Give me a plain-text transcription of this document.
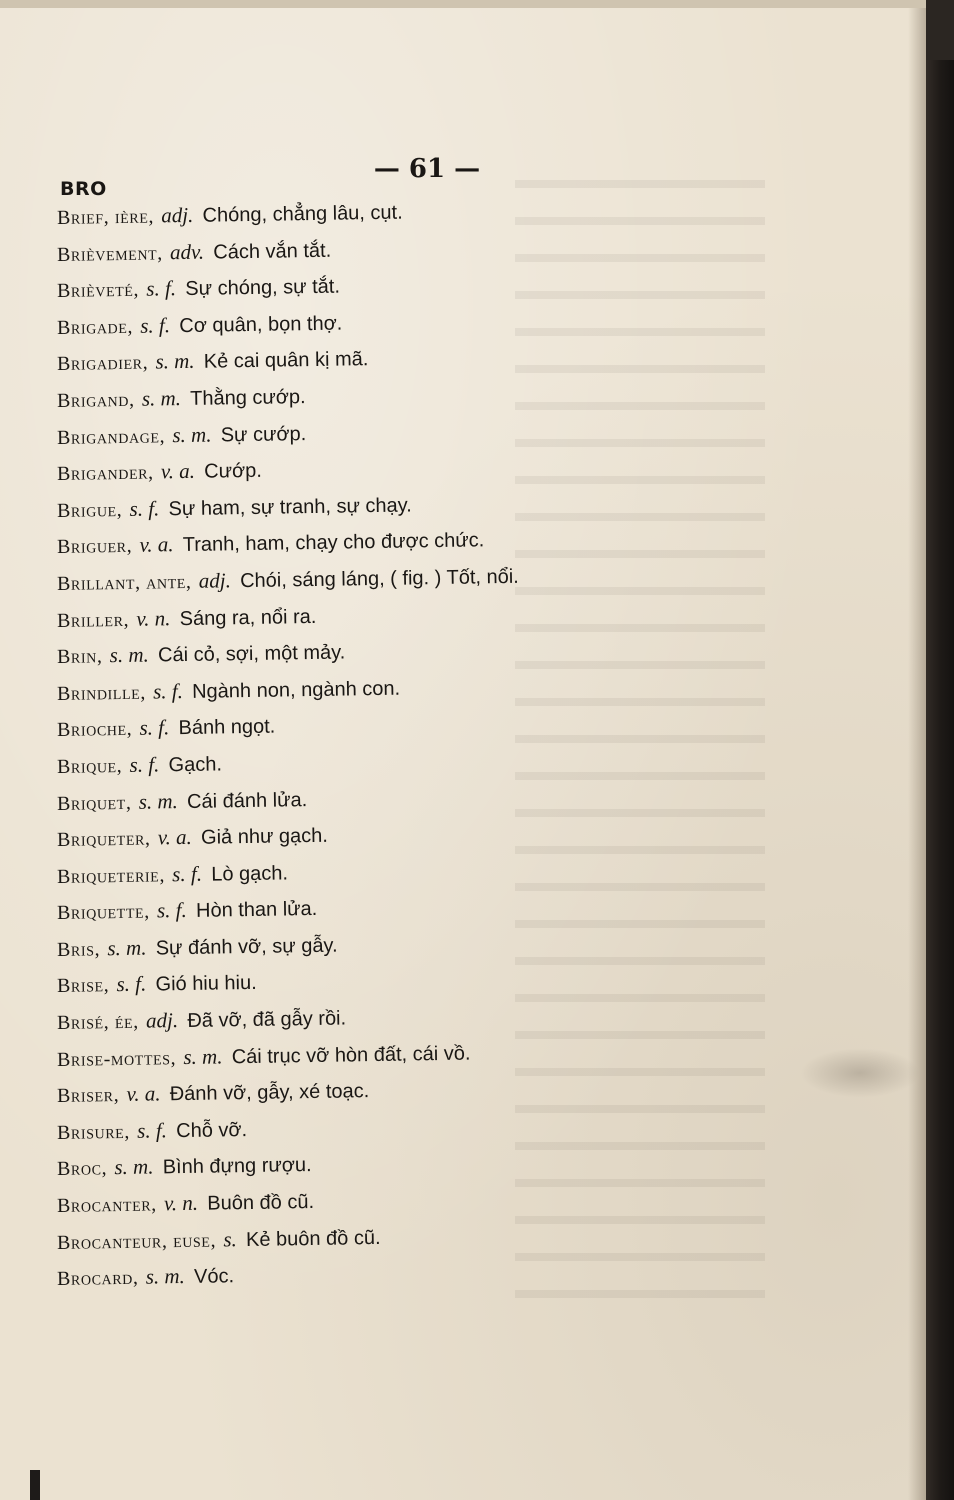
— 61 —
BRO
Brief, ière, adj. Chóng, chẳng lâu, cụt.
Brièvement, adv. Cách vắn tắt.
Brièveté, s. f. Sự chóng, sự tắt.
Brigade, s. f. Cơ quân, bọn thợ.
Brigadier, s. m. Kẻ cai quân kị mã.
Brigand, s. m. Thằng cướp.
Brigandage, s. m. Sự cướp.
Brigander, v. a. Cướp.
Brigue, s. f. Sự ham, sự tranh, sự chạy.
Briguer, v. a. Tranh, ham, chạy cho được chức.
Brillant, ante, adj. Chói, sáng láng, ( fig. ) Tốt, nổi.
Briller, v. n. Sáng ra, nổi ra.
Brin, s. m. Cái cỏ, sợi, một mảy.
Brindille, s. f. Ngành non, ngành con.
Brioche, s. f. Bánh ngọt.
Brique, s. f. Gạch.
Briquet, s. m. Cái đánh lửa.
Briqueter, v. a. Giả như gạch.
Briqueterie, s. f. Lò gạch.
Briquette, s. f. Hòn than lửa.
Bris, s. m. Sự đánh vỡ, sự gẫy.
Brise, s. f. Gió hiu hiu.
Brisé, ée, adj. Đã vỡ, đã gẫy rồi.
Brise-mottes, s. m. Cái trục vỡ hòn đất, cái vồ.
Briser, v. a. Đánh vỡ, gẫy, xé toạc.
Brisure, s. f. Chỗ vỡ.
Broc, s. m. Bình đựng rượu.
Brocanter, v. n. Buôn đồ cũ.
Brocanteur, euse, s. Kẻ buôn đồ cũ.
Brocard, s. m. Vóc.
